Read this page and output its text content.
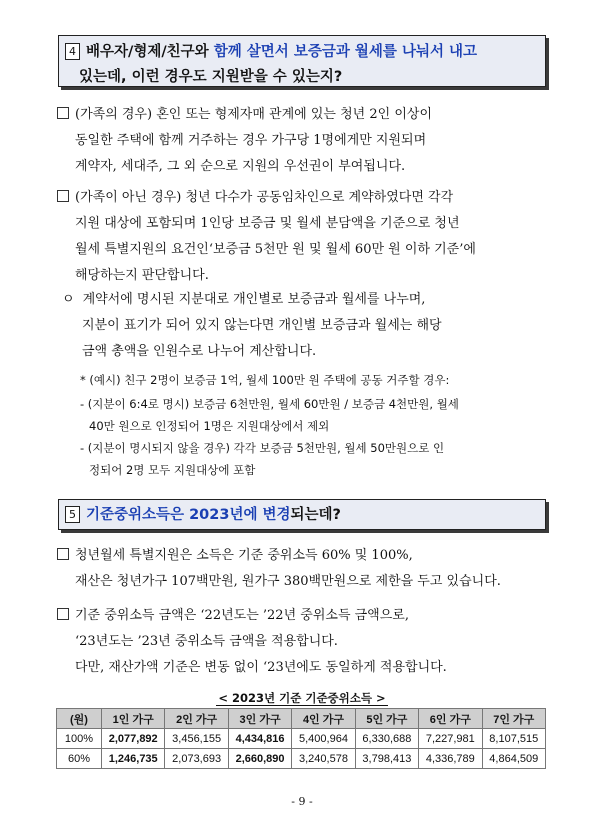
4 배우자/형제/친구와 함께 살면서 보증금과 월세를 나눠서 내고
있는데, 이런 경우도 지원받을 수 있는지?
(가족의 경우) 혼인 또는 형제자매 관계에 있는 청년 2인 이상이
동일한 주택에 함께 거주하는 경우 가구당 1명에게만 지원되며
계약자, 세대주, 그 외 순으로 지원의 우선권이 부여됩니다.
(가족이 아닌 경우) 청년 다수가 공동임차인으로 계약하였다면 각각
지원 대상에 포함되며 1인당 보증금 및 월세 분담액을 기준으로 청년
월세 특별지원의 요건인‘보증금 5천만 원 및 월세 60만 원 이하 기준’에
해당하는지 판단합니다.
ㅇ 계약서에 명시된 지분대로 개인별로 보증금과 월세를 나누며,
지분이 표기가 되어 있지 않는다면 개인별 보증금과 월세는 해당
금액 총액을 인원수로 나누어 계산합니다.
* (예시) 친구 2명이 보증금 1억, 월세 100만 원 주택에 공동 거주할 경우:
- (지분이 6:4로 명시) 보증금 6천만원, 월세 60만원 / 보증금 4천만원, 월세
40만 원으로 인정되어 1명은 지원대상에서 제외
- (지분이 명시되지 않을 경우) 각각 보증금 5천만원, 월세 50만원으로 인
정되어 2명 모두 지원대상에 포함
5 기준중위소득은 2023년에 변경되는데?
청년월세 특별지원은 소득은 기준 중위소득 60% 및 100%,
재산은 청년가구 107백만원, 원가구 380백만원으로 제한을 두고 있습니다.
기준 중위소득 금액은 ‘22년도는 ’22년 중위소득 금액으로,
‘23년도는 ’23년 중위소득 금액을 적용합니다.
다만, 재산가액 기준은 변동 없이 ‘23년에도 동일하게 적용합니다.
< 2023년 기준 기준중위소득 >
(원)	1인 가구	2인 가구	3인 가구	4인 가구	5인 가구	6인 가구	7인 가구
100%	2,077,892	3,456,155	4,434,816	5,400,964	6,330,688	7,227,981	8,107,515
60%	1,246,735	2,073,693	2,660,890	3,240,578	3,798,413	4,336,789	4,864,509
- 9 -
